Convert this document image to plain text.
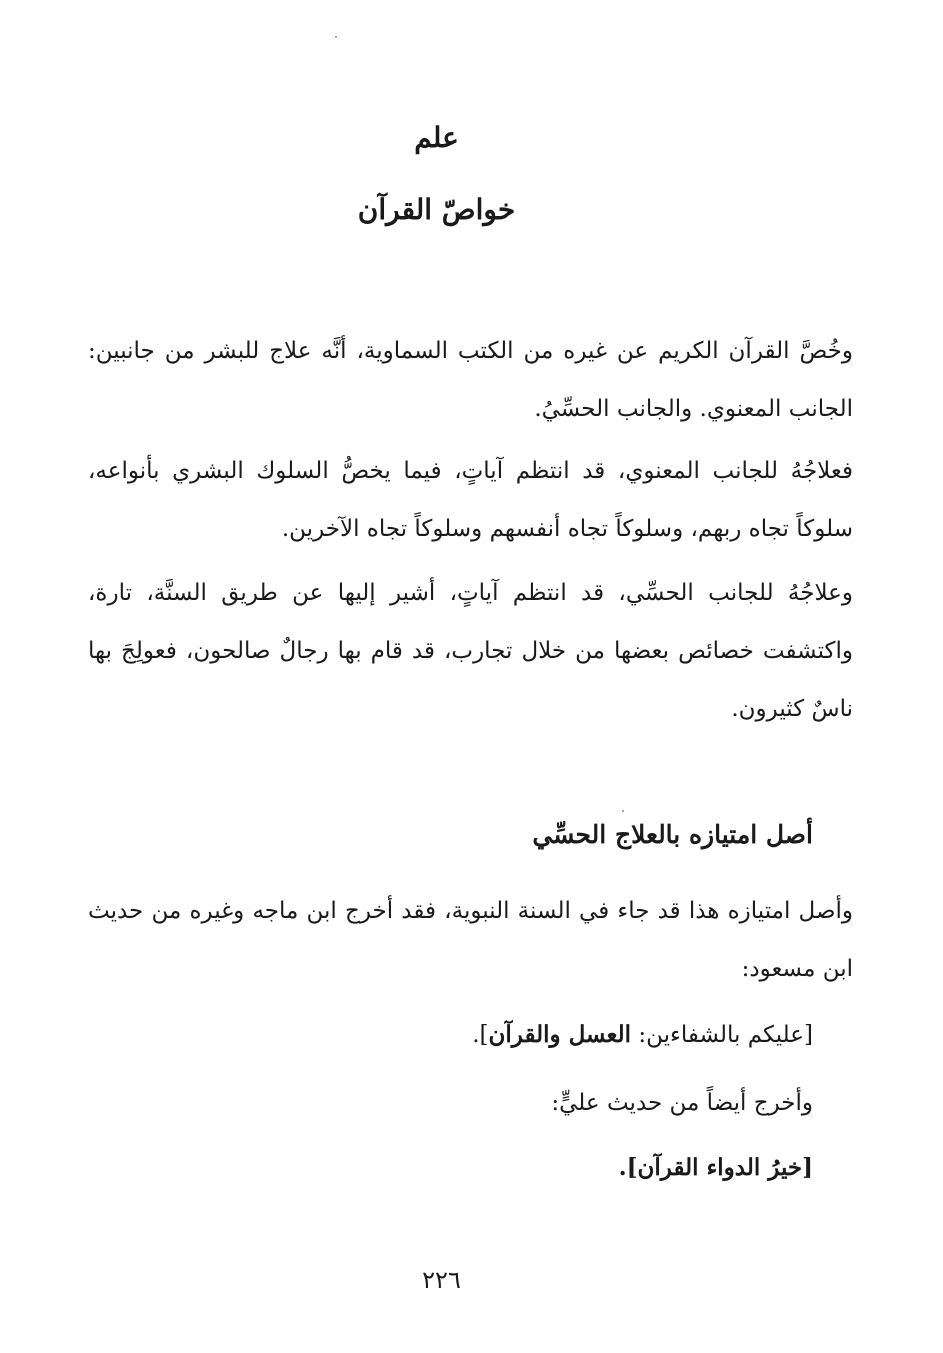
علم
خواصّ القرآن

وخُصَّ القرآن الكريم عن غيره من الكتب السماوية، أنَّه علاج للبشر من جانبين: الجانب المعنوي. والجانب الحسِّيُ.

فعلاجُهُ للجانب المعنوي، قد انتظم آياتٍ، فيما يخصُّ السلوك البشري بأنواعه، سلوكاً تجاه ربهم، وسلوكاً تجاه أنفسهم وسلوكاً تجاه الآخرين.

وعلاجُهُ للجانب الحسِّي، قد انتظم آياتٍ، أشير إليها عن طريق السنَّة، تارة، واكتشفت خصائص بعضها من خلال تجارب، قد قام بها رجالٌ صالحون، فعولِجَ بها ناسٌ كثيرون.

أصل امتيازه بالعلاج الحسِّي

وأصل امتيازه هذا قد جاء في السنة النبوية، فقد أخرج ابن ماجه وغيره من حديث ابن مسعود:

[عليكم بالشفاءين: العسل والقرآن].
وأخرج أيضاً من حديث عليٍّ:
[خيرُ الدواء القرآن].
٢٢٦
